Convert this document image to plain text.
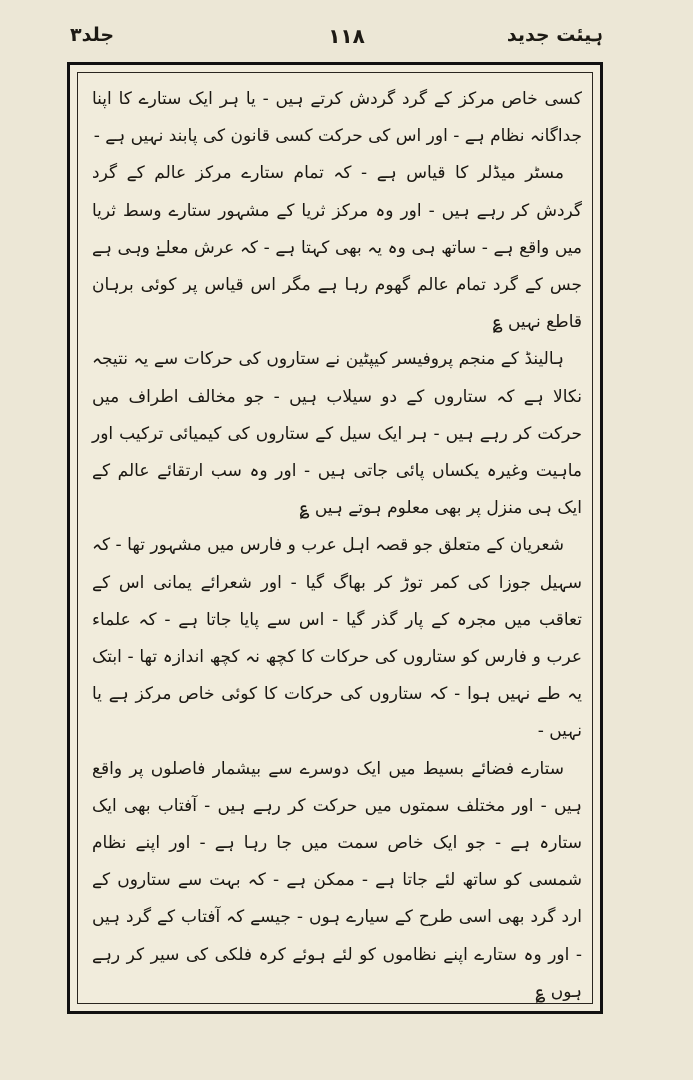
ہیئت جدید
۱۱۸
جلد۳

کسی خاص مرکز کے گرد گردش کرتے ہیں - یا ہر ایک ستارے کا اپنا جداگانہ نظام ہے - اور اس کی حرکت کسی قانون کی پابند نہیں ہے -

مسٹر میڈلر کا قیاس ہے - کہ تمام ستارے مرکز عالم کے گرد گردش کر رہے ہیں - اور وہ مرکز ثریا کے مشہور ستارے وسط ثریا میں واقع ہے - ساتھ ہی وہ یہ بھی کہتا ہے - کہ عرش معلےٰ وہی ہے جس کے گرد تمام عالم گھوم رہا ہے مگر اس قیاس پر کوئی برہان قاطع نہیں ؏

ہالینڈ کے منجم پروفیسر کیپٹین نے ستاروں کی حرکات سے یہ نتیجہ نکالا ہے کہ ستاروں کے دو سیلاب ہیں - جو مخالف اطراف میں حرکت کر رہے ہیں - ہر ایک سیل کے ستاروں کی کیمیائی ترکیب اور ماہیت وغیرہ یکساں پائی جاتی ہیں - اور وہ سب ارتقائے عالم کے ایک ہی منزل پر بھی معلوم ہوتے ہیں ؏

شعریان کے متعلق جو قصہ اہل عرب و فارس میں مشہور تھا - کہ سہیل جوزا کی کمر توڑ کر بھاگ گیا - اور شعرائے یمانی اس کے تعاقب میں مجرہ کے پار گذر گیا - اس سے پایا جاتا ہے - کہ علماء عرب و فارس کو ستاروں کی حرکات کا کچھ نہ کچھ اندازہ تھا - ابتک یہ طے نہیں ہوا - کہ ستاروں کی حرکات کا کوئی خاص مرکز ہے یا نہیں -

ستارے فضائے بسیط میں ایک دوسرے سے بیشمار فاصلوں پر واقع ہیں - اور مختلف سمتوں میں حرکت کر رہے ہیں - آفتاب بھی ایک ستارہ ہے - جو ایک خاص سمت میں جا رہا ہے - اور اپنے نظام شمسی کو ساتھ لئے جاتا ہے - ممکن ہے - کہ بہت سے ستاروں کے ارد گرد بھی اسی طرح کے سیارے ہوں - جیسے کہ آفتاب کے گرد ہیں - اور وہ ستارے اپنے نظاموں کو لئے ہوئے کرہ فلکی کی سیر کر رہے ہوں ؏
